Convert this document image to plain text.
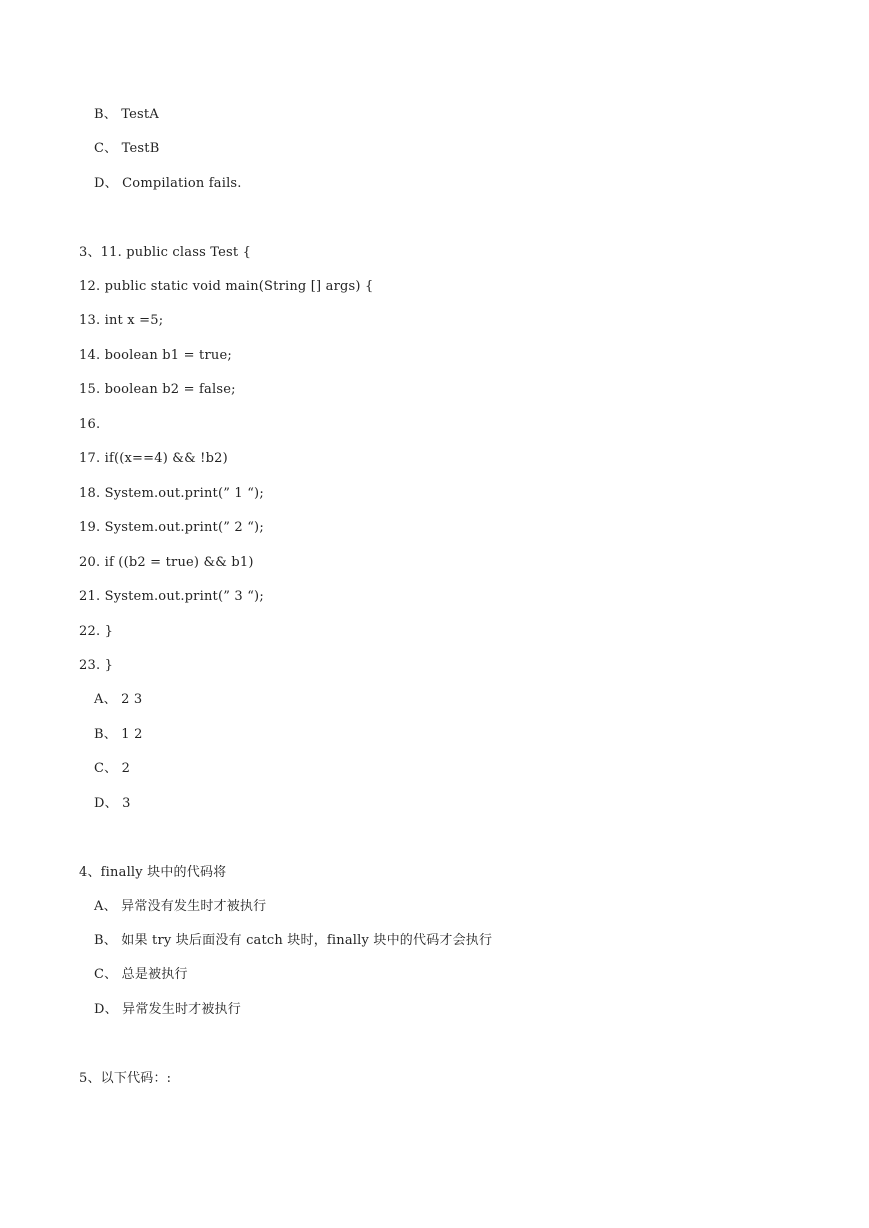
B、 TestA
C、 TestB
D、 Compilation fails.
3、11. public class Test {
12. public static void main(String [] args) {
13. int x =5;
14. boolean b1 = true;
15. boolean b2 = false;
16.
17. if((x==4) && !b2)
18. System.out.print(” 1 “);
19. System.out.print(” 2 “);
20. if ((b2 = true) && b1)
21. System.out.print(” 3 “);
22. }
23. }
A、 2 3
B、 1 2
C、 2
D、 3
4、finally 块中的代码将
A、 异常没有发生时才被执行
B、 如果 try 块后面没有 catch 块时，finally 块中的代码才会执行
C、 总是被执行
D、 异常发生时才被执行
5、以下代码：:
